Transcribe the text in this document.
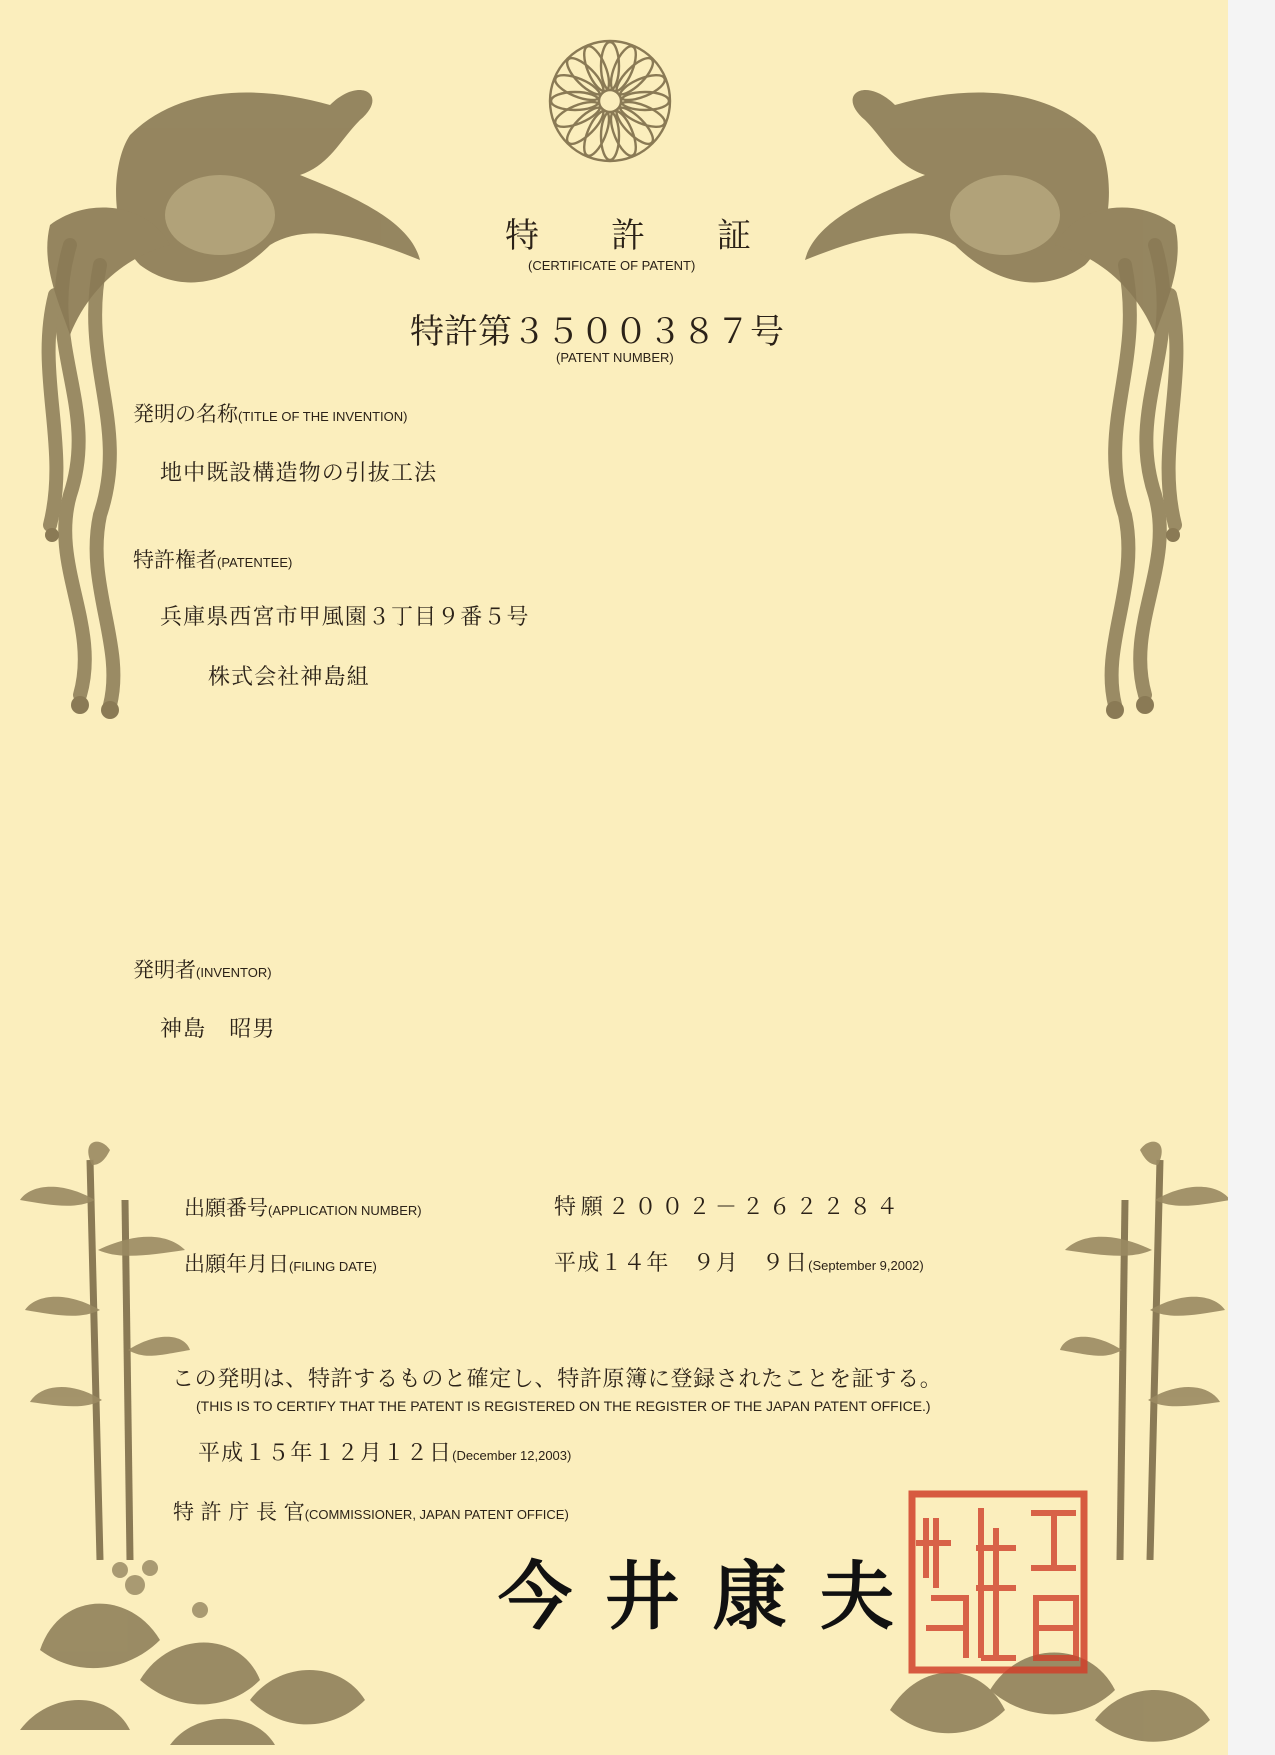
特 許 証
(CERTIFICATE OF PATENT)
特許第３５００３８７号
(PATENT NUMBER)
発明の名称(TITLE OF THE INVENTION)
地中既設構造物の引抜工法
特許権者(PATENTEE)
兵庫県西宮市甲風園３丁目９番５号
株式会社神島組
発明者(INVENTOR)
神島　昭男
出願番号(APPLICATION NUMBER)	特願２００２－２６２２８４
出願年月日(FILING DATE)	平成１４年　９月　９日(September 9,2002)
この発明は、特許するものと確定し、特許原簿に登録されたことを証する。
(THIS IS TO CERTIFY THAT THE PATENT IS REGISTERED ON THE REGISTER OF THE JAPAN PATENT OFFICE.)
平成１５年１２月１２日(December 12,2003)
特 許 庁 長 官(COMMISSIONER, JAPAN PATENT OFFICE)
今井康夫
